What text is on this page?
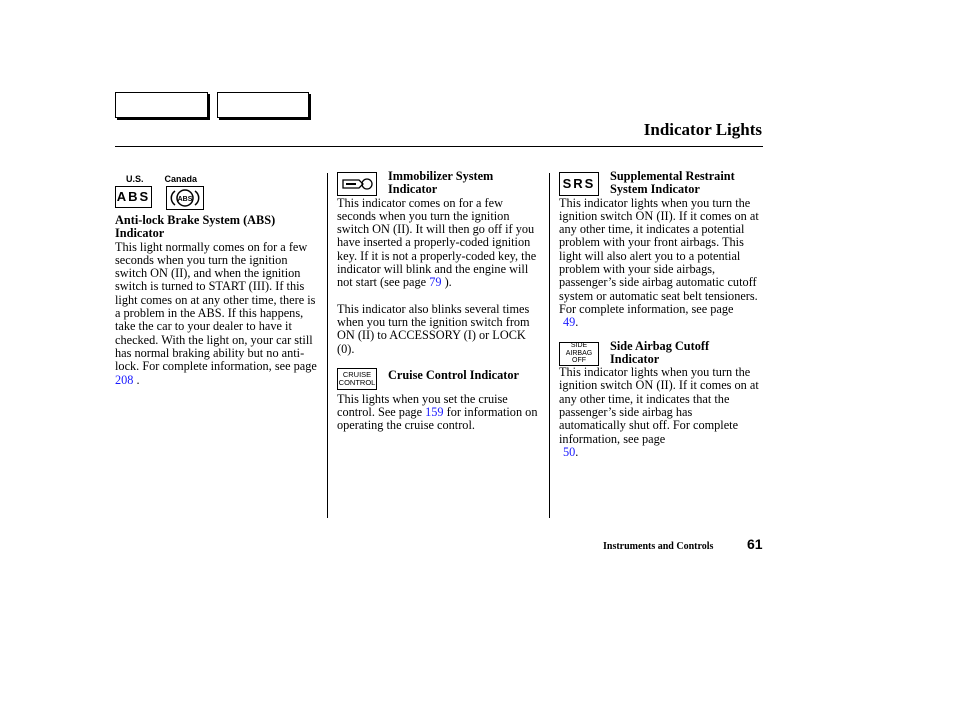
Indicator Lights
U.S. Canada
ABS	ABS
Anti-lock Brake System (ABS)
Indicator

This light normally comes on for a few seconds when you turn the ignition switch ON (II), and when the ignition switch is turned to START (III). If this light comes on at any other time, there is a problem in the ABS. If this happens, take the car to your dealer to have it checked. With the light on, your car still has normal braking ability but no anti-lock. For complete information, see page 208 .

Immobilizer System
Indicator

This indicator comes on for a few seconds when you turn the ignition switch ON (II). It will then go off if you have inserted a properly-coded ignition key. If it is not a properly-coded key, the indicator will blink and the engine will not start (see page 79 ).

This indicator also blinks several times when you turn the ignition switch from ON (II) to ACCESSORY (I) or LOCK (0).

CRUISE
CONTROL
Cruise Control Indicator

This lights when you set the cruise control. See page 159 for information on operating the cruise control.

SRS
Supplemental Restraint
System Indicator

This indicator lights when you turn the ignition switch ON (II). If it comes on at any other time, it indicates a potential problem with your front airbags. This light will also alert you to a potential problem with your side airbags, passenger’s side airbag automatic cutoff system or automatic seat belt tensioners. For complete information, see page

49.

SIDE
AIRBAG
OFF
Side Airbag Cutoff
Indicator

This indicator lights when you turn the ignition switch ON (II). If it comes on at any other time, it indicates that the passenger’s side airbag has automatically shut off. For complete information, see page

50.

Instruments and Controls 61
